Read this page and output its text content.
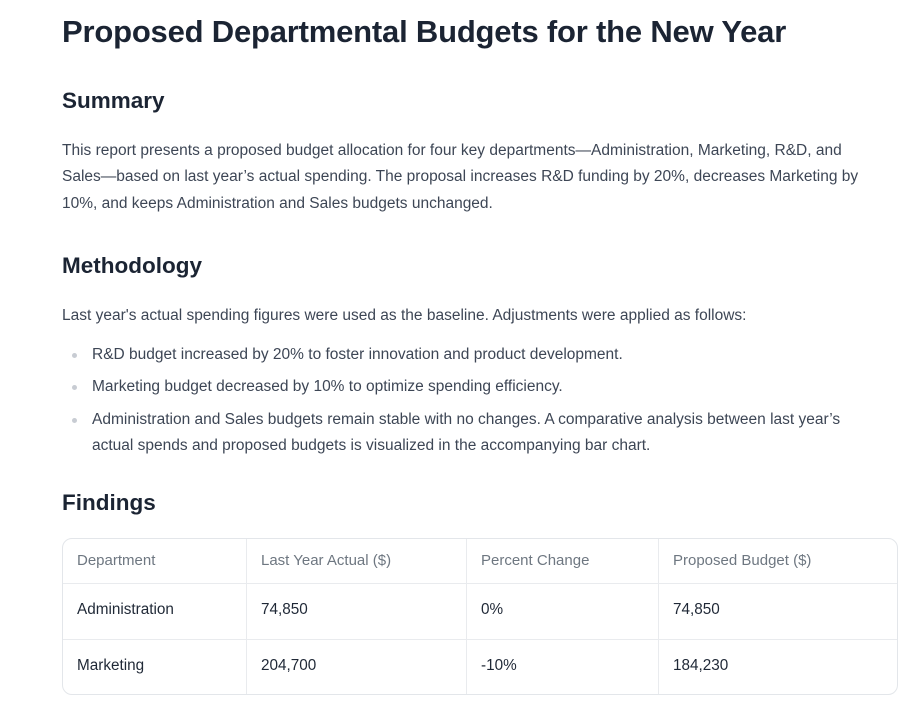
Proposed Departmental Budgets for the New Year
Summary

This report presents a proposed budget allocation for four key departments—Administration, Marketing, R&D, and Sales—based on last year’s actual spending. The proposal increases R&D funding by 20%, decreases Marketing by 10%, and keeps Administration and Sales budgets unchanged.

Methodology

Last year's actual spending figures were used as the baseline. Adjustments were applied as follows:

R&D budget increased by 20% to foster innovation and product development.
Marketing budget decreased by 10% to optimize spending efficiency.
Administration and Sales budgets remain stable with no changes. A comparative analysis between last year’s actual spends and proposed budgets is visualized in the accompanying bar chart.
Findings
Department	Last Year Actual ($)	Percent Change	Proposed Budget ($)
Administration	74,850	0%	74,850
Marketing	204,700	-10%	184,230
